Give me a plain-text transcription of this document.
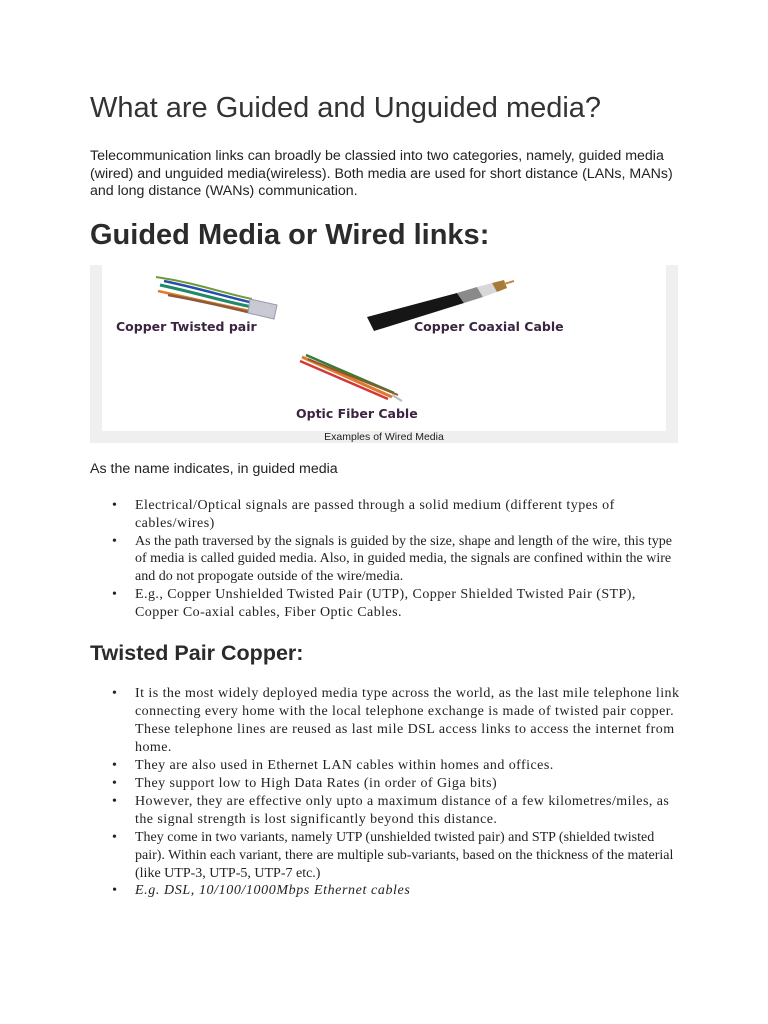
What are Guided and Unguided media?

Telecommunication links can broadly be classied into two categories, namely, guided media (wired) and unguided media(wireless). Both media are used for short distance (LANs, MANs) and long distance (WANs) communication.

Guided Media or Wired links:
Copper Twisted pair	Copper Coaxial Cable
Optic Fiber Cable
Examples of Wired Media

As the name indicates, in guided media

• Electrical/Optical signals are passed through a solid medium (different types of cables/wires)
• As the path traversed by the signals is guided by the size, shape and length of the wire, this type of media is called guided media. Also, in guided media, the signals are confined within the wire and do not propogate outside of the wire/media.
• E.g., Copper Unshielded Twisted Pair (UTP), Copper Shielded Twisted Pair (STP), Copper Co-axial cables, Fiber Optic Cables.
Twisted Pair Copper:
• It is the most widely deployed media type across the world, as the last mile telephone link connecting every home with the local telephone exchange is made of twisted pair copper. These telephone lines are reused as last mile DSL access links to access the internet from home.
• They are also used in Ethernet LAN cables within homes and offices.
• They support low to High Data Rates (in order of Giga bits)
• However, they are effective only upto a maximum distance of a few kilometres/miles, as the signal strength is lost significantly beyond this distance.
• They come in two variants, namely UTP (unshielded twisted pair) and STP (shielded twisted pair). Within each variant, there are multiple sub-variants, based on the thickness of the material (like UTP-3, UTP-5, UTP-7 etc.)
• E.g. DSL, 10/100/1000Mbps Ethernet cables
